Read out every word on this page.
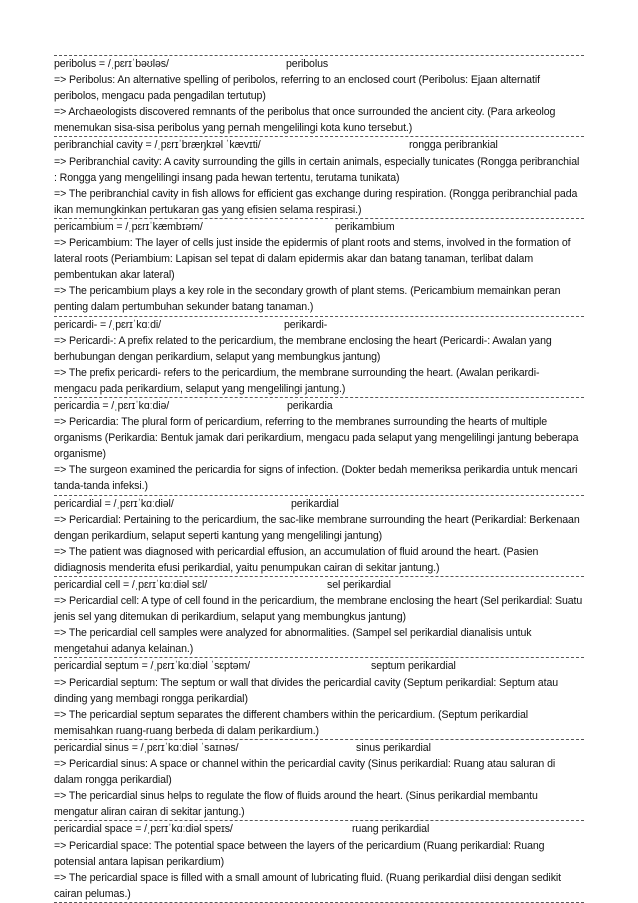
peribolus = /ˌpɛrɪˈbəʊləs/	peribolus
=> Peribolus: An alternative spelling of peribolos, referring to an enclosed court (Peribolus: Ejaan alternatif peribolos, mengacu pada pengadilan tertutup)
=> Archaeologists discovered remnants of the peribolus that once surrounded the ancient city. (Para arkeolog menemukan sisa-sisa peribolus yang pernah mengelilingi kota kuno tersebut.)
peribranchial cavity = /ˌpɛrɪˈbræŋkɪəl ˈkævɪti/	rongga peribrankial
=> Peribranchial cavity: A cavity surrounding the gills in certain animals, especially tunicates (Rongga peribranchial : Rongga yang mengelilingi insang pada hewan tertentu, terutama tunikata)
=> The peribranchial cavity in fish allows for efficient gas exchange during respiration. (Rongga peribranchial pada ikan memungkinkan pertukaran gas yang efisien selama respirasi.)
pericambium = /ˌpɛrɪˈkæmbɪəm/	perikambium
=> Pericambium: The layer of cells just inside the epidermis of plant roots and stems, involved in the formation of lateral roots (Periambium: Lapisan sel tepat di dalam epidermis akar dan batang tanaman, terlibat dalam pembentukan akar lateral)
=> The pericambium plays a key role in the secondary growth of plant stems. (Pericambium memainkan peran penting dalam pertumbuhan sekunder batang tanaman.)
pericardi- = /ˌpɛrɪˈkɑːdi/	perikardi-
=> Pericardi-: A prefix related to the pericardium, the membrane enclosing the heart (Pericardi-: Awalan yang berhubungan dengan perikardium, selaput yang membungkus jantung)
=> The prefix pericardi- refers to the pericardium, the membrane surrounding the heart. (Awalan perikardi- mengacu pada perikardium, selaput yang mengelilingi jantung.)
pericardia = /ˌpɛrɪˈkɑːdiə/	perikardia
=> Pericardia: The plural form of pericardium, referring to the membranes surrounding the hearts of multiple organisms (Perikardia: Bentuk jamak dari perikardium, mengacu pada selaput yang mengelilingi jantung beberapa organisme)
=> The surgeon examined the pericardia for signs of infection. (Dokter bedah memeriksa perikardia untuk mencari tanda-tanda infeksi.)
pericardial = /ˌpɛrɪˈkɑːdiəl/	perikardial
=> Pericardial: Pertaining to the pericardium, the sac-like membrane surrounding the heart (Perikardial: Berkenaan dengan perikardium, selaput seperti kantung yang mengelilingi jantung)
=> The patient was diagnosed with pericardial effusion, an accumulation of fluid around the heart. (Pasien didiagnosis menderita efusi perikardial, yaitu penumpukan cairan di sekitar jantung.)
pericardial cell = /ˌpɛrɪˈkɑːdiəl sɛl/	sel perikardial
=> Pericardial cell: A type of cell found in the pericardium, the membrane enclosing the heart (Sel perikardial: Suatu jenis sel yang ditemukan di perikardium, selaput yang membungkus jantung)
=> The pericardial cell samples were analyzed for abnormalities. (Sampel sel perikardial dianalisis untuk mengetahui adanya kelainan.)
pericardial septum = /ˌpɛrɪˈkɑːdiəl ˈsɛptəm/	septum perikardial
=> Pericardial septum: The septum or wall that divides the pericardial cavity (Septum perikardial: Septum atau dinding yang membagi rongga perikardial)
=> The pericardial septum separates the different chambers within the pericardium. (Septum perikardial memisahkan ruang-ruang berbeda di dalam perikardium.)
pericardial sinus = /ˌpɛrɪˈkɑːdiəl ˈsaɪnəs/	sinus perikardial
=> Pericardial sinus: A space or channel within the pericardial cavity (Sinus perikardial: Ruang atau saluran di dalam rongga perikardial)
=> The pericardial sinus helps to regulate the flow of fluids around the heart. (Sinus perikardial membantu mengatur aliran cairan di sekitar jantung.)
pericardial space = /ˌpɛrɪˈkɑːdiəl speɪs/	ruang perikardial
=> Pericardial space: The potential space between the layers of the pericardium (Ruang perikardial: Ruang potensial antara lapisan perikardium)
=> The pericardial space is filled with a small amount of lubricating fluid. (Ruang perikardial diisi dengan sedikit cairan pelumas.)
